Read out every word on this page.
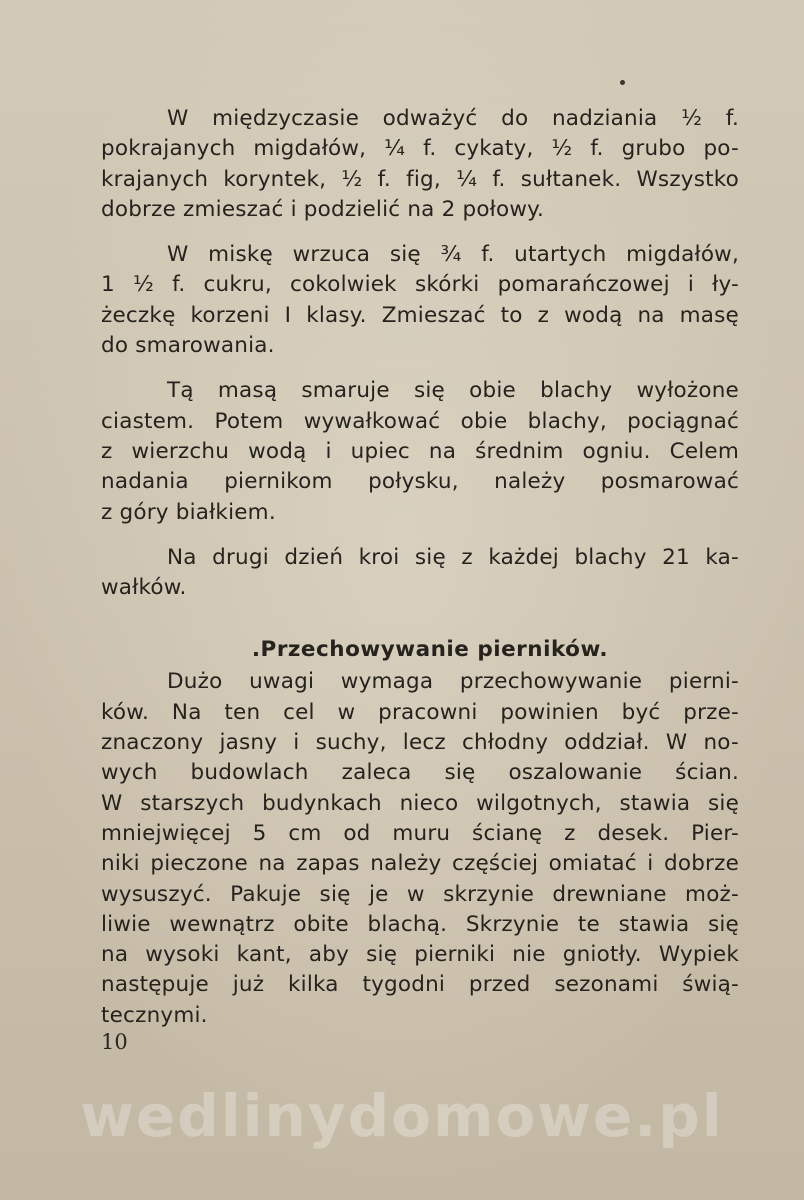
W międzyczasie odważyć do nadziania ½ f.
pokrajanych migdałów, ¼ f. cykaty, ½ f. grubo po-
krajanych koryntek, ½ f. fig, ¼ f. sułtanek. Wszystko
dobrze zmieszać i podzielić na 2 połowy.
W miskę wrzuca się ¾ f. utartych migdałów,
1 ½ f. cukru, cokolwiek skórki pomarańczowej i ły-
żeczkę korzeni I klasy. Zmieszać to z wodą na masę
do smarowania.
Tą masą smaruje się obie blachy wyłożone
ciastem. Potem wywałkować obie blachy, pociągnać
z wierzchu wodą i upiec na średnim ogniu. Celem
nadania piernikom połysku, należy posmarować
z góry białkiem.
Na drugi dzień kroi się z każdej blachy 21 ka-
wałków.
.Przechowywanie pierników.
Dużo uwagi wymaga przechowywanie pierni-
ków. Na ten cel w pracowni powinien być prze-
znaczony jasny i suchy, lecz chłodny oddział. W no-
wych budowlach zaleca się oszalowanie ścian.
W starszych budynkach nieco wilgotnych, stawia się
mniejwięcej 5 cm od muru ścianę z desek. Pier-
niki pieczone na zapas należy częściej omiatać i dobrze
wysuszyć. Pakuje się je w skrzynie drewniane moż-
liwie wewnątrz obite blachą. Skrzynie te stawia się
na wysoki kant, aby się pierniki nie gniotły. Wypiek
następuje już kilka tygodni przed sezonami świą-
tecznymi.
10
wedlinydomowe.pl
